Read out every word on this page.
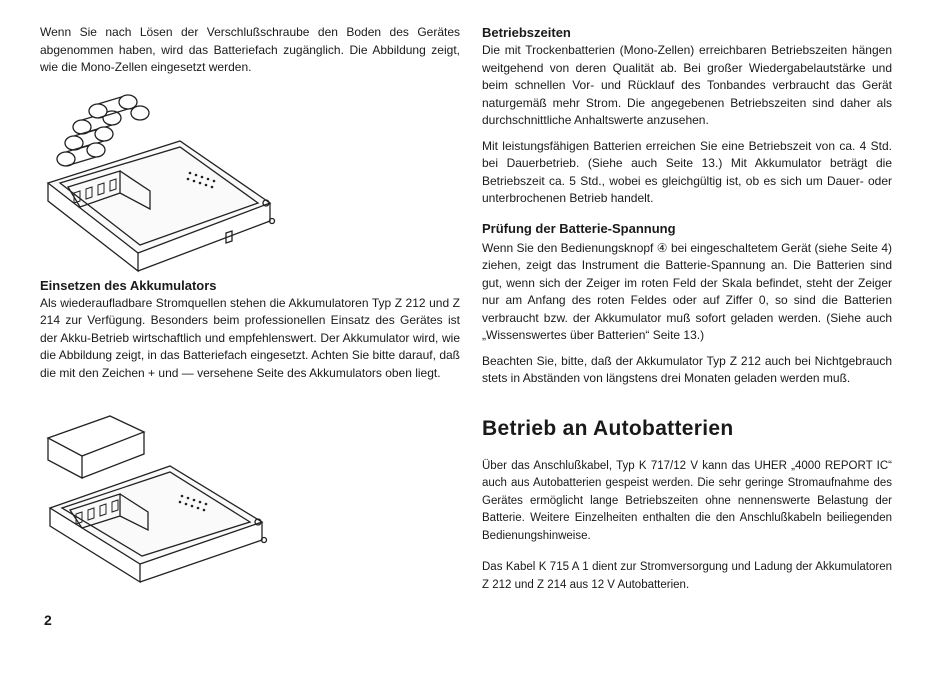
Wenn Sie nach Lösen der Verschlußschraube den Boden des Gerätes abgenommen haben, wird das Batteriefach zugänglich. Die Abbildung zeigt, wie die Mono-Zellen eingesetzt werden.

Einsetzen des Akkumulators

Als wiederaufladbare Stromquellen stehen die Akkumulatoren Typ Z 212 und Z 214 zur Verfügung. Besonders beim professionellen Einsatz des Gerätes ist der Akku-Betrieb wirtschaftlich und empfehlenswert. Der Akkumulator wird, wie die Abbildung zeigt, in das Batteriefach eingesetzt. Achten Sie bitte darauf, daß die mit den Zeichen + und — versehene Seite des Akkumulators oben liegt.

Betriebszeiten

Die mit Trockenbatterien (Mono-Zellen) erreichbaren Betriebszeiten hängen weitgehend von deren Qualität ab. Bei großer Wiedergabelautstärke und beim schnellen Vor- und Rücklauf des Tonbandes verbraucht das Gerät naturgemäß mehr Strom. Die angegebenen Betriebszeiten sind daher als durchschnittliche Anhaltswerte anzusehen.

Mit leistungsfähigen Batterien erreichen Sie eine Betriebszeit von ca. 4 Std. bei Dauerbetrieb. (Siehe auch Seite 13.) Mit Akkumulator beträgt die Betriebszeit ca. 5 Std., wobei es gleichgültig ist, ob es sich um Dauer- oder unterbrochenen Betrieb handelt.

Prüfung der Batterie-Spannung

Wenn Sie den Bedienungsknopf ④ bei eingeschaltetem Gerät (siehe Seite 4) ziehen, zeigt das Instrument die Batterie-Spannung an. Die Batterien sind gut, wenn sich der Zeiger im roten Feld der Skala befindet, steht der Zeiger nur am Anfang des roten Feldes oder auf Ziffer 0, so sind die Batterien verbraucht bzw. der Akkumulator muß sofort geladen werden. (Siehe auch „Wissenswertes über Batterien“ Seite 13.)

Beachten Sie, bitte, daß der Akkumulator Typ Z 212 auch bei Nichtgebrauch stets in Abständen von längstens drei Monaten geladen werden muß.

Betrieb an Autobatterien

Über das Anschlußkabel, Typ K 717/12 V kann das UHER „4000 REPORT IC“ auch aus Autobatterien gespeist werden. Die sehr geringe Stromaufnahme des Gerätes ermöglicht lange Betriebszeiten ohne nennenswerte Belastung der Batterie. Weitere Einzelheiten enthalten die den Anschlußkabeln beiliegenden Bedienungshinweise.

Das Kabel K 715 A 1 dient zur Stromversorgung und Ladung der Akkumulatoren Z 212 und Z 214 aus 12 V Autobatterien.

2
